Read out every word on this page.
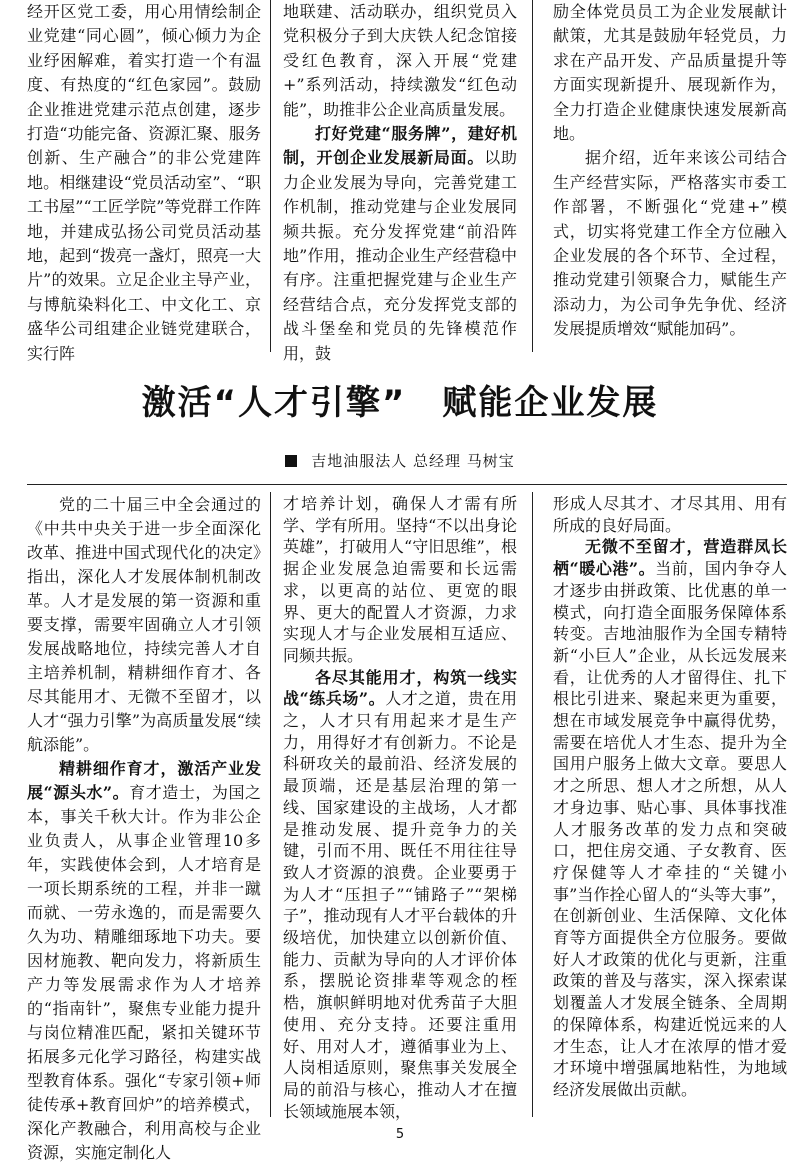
经开区党工委，用心用情绘制企业党建“同心圆”，倾心倾力为企业纾困解难，着实打造一个有温度、有热度的“红色家园”。鼓励企业推进党建示范点创建，逐步打造“功能完备、资源汇聚、服务创新、生产融合”的非公党建阵地。相继建设“党员活动室”、“职工书屋”“工匠学院”等党群工作阵地，并建成弘扬公司党员活动基地，起到“拨亮一盏灯，照亮一大片”的效果。立足企业主导产业，与博航染料化工、中文化工、京盛华公司组建企业链党建联合，实行阵

地联建、活动联办，组织党员入党积极分子到大庆铁人纪念馆接受红色教育，深入开展“党建+”系列活动，持续激发“红色动能”，助推非公企业高质量发展。

打好党建“服务牌”，建好机制，开创企业发展新局面。以助力企业发展为导向，完善党建工作机制，推动党建与企业发展同频共振。充分发挥党建“前沿阵地”作用，推动企业生产经营稳中有序。注重把握党建与企业生产经营结合点，充分发挥党支部的战斗堡垒和党员的先锋模范作用，鼓

励全体党员员工为企业发展献计献策，尤其是鼓励年轻党员，力求在产品开发、产品质量提升等方面实现新提升、展现新作为，全力打造企业健康快速发展新高地。

据介绍，近年来该公司结合生产经营实际，严格落实市委工作部署，不断强化“党建+”模式，切实将党建工作全方位融入企业发展的各个环节、全过程，推动党建引领聚合力，赋能生产添动力，为公司争先争优、经济发展提质增效“赋能加码”。

激活“人才引擎”　赋能企业发展
吉地油服法人 总经理 马树宝

党的二十届三中全会通过的《中共中央关于进一步全面深化改革、推进中国式现代化的决定》指出，深化人才发展体制机制改革。人才是发展的第一资源和重要支撑，需要牢固确立人才引领发展战略地位，持续完善人才自主培养机制，精耕细作育才、各尽其能用才、无微不至留才，以人才“强力引擎”为高质量发展“续航添能”。

精耕细作育才，激活产业发展“源头水”。育才造士，为国之本，事关千秋大计。作为非公企业负责人，从事企业管理10多年，实践使体会到，人才培育是一项长期系统的工程，并非一蹴而就、一劳永逸的，而是需要久久为功、精雕细琢地下功夫。要因材施教、靶向发力，将新质生产力等发展需求作为人才培养的“指南针”，聚焦专业能力提升与岗位精准匹配，紧扣关键环节拓展多元化学习路径，构建实战型教育体系。强化“专家引领+师徒传承+教育回炉”的培养模式，深化产教融合，利用高校与企业资源，实施定制化人

才培养计划，确保人才需有所学、学有所用。坚持“不以出身论英雄”，打破用人“守旧思维”，根据企业发展急迫需要和长远需求，以更高的站位、更宽的眼界、更大的配置人才资源，力求实现人才与企业发展相互适应、同频共振。

各尽其能用才，构筑一线实战“练兵场”。人才之道，贵在用之，人才只有用起来才是生产力，用得好才有创新力。不论是科研攻关的最前沿、经济发展的最顶端，还是基层治理的第一线、国家建设的主战场，人才都是推动发展、提升竞争力的关键，引而不用、既任不用往往导致人才资源的浪费。企业要勇于为人才“压担子”“铺路子”“架梯子”，推动现有人才平台载体的升级培优，加快建立以创新价值、能力、贡献为导向的人才评价体系，摆脱论资排辈等观念的桎梏，旗帜鲜明地对优秀苗子大胆使用、充分支持。还要注重用好、用对人才，遵循事业为上、人岗相适原则，聚焦事关发展全局的前沿与核心，推动人才在擅长领域施展本领，

形成人尽其才、才尽其用、用有所成的良好局面。

无微不至留才，营造群凤长栖“暖心港”。当前，国内争夺人才逐步由拼政策、比优惠的单一模式，向打造全面服务保障体系转变。吉地油服作为全国专精特新“小巨人”企业，从长远发展来看，让优秀的人才留得住、扎下根比引进来、聚起来更为重要，想在市域发展竞争中赢得优势，需要在培优人才生态、提升为全国用户服务上做大文章。要思人才之所思、想人才之所想，从人才身边事、贴心事、具体事找准人才服务改革的发力点和突破口，把住房交通、子女教育、医疗保健等人才牵挂的“关键小事”当作拴心留人的“头等大事”，在创新创业、生活保障、文化体育等方面提供全方位服务。要做好人才政策的优化与更新，注重政策的普及与落实，深入探索谋划覆盖人才发展全链条、全周期的保障体系，构建近悦远来的人才生态，让人才在浓厚的惜才爱才环境中增强属地粘性，为地域经济发展做出贡献。

5
